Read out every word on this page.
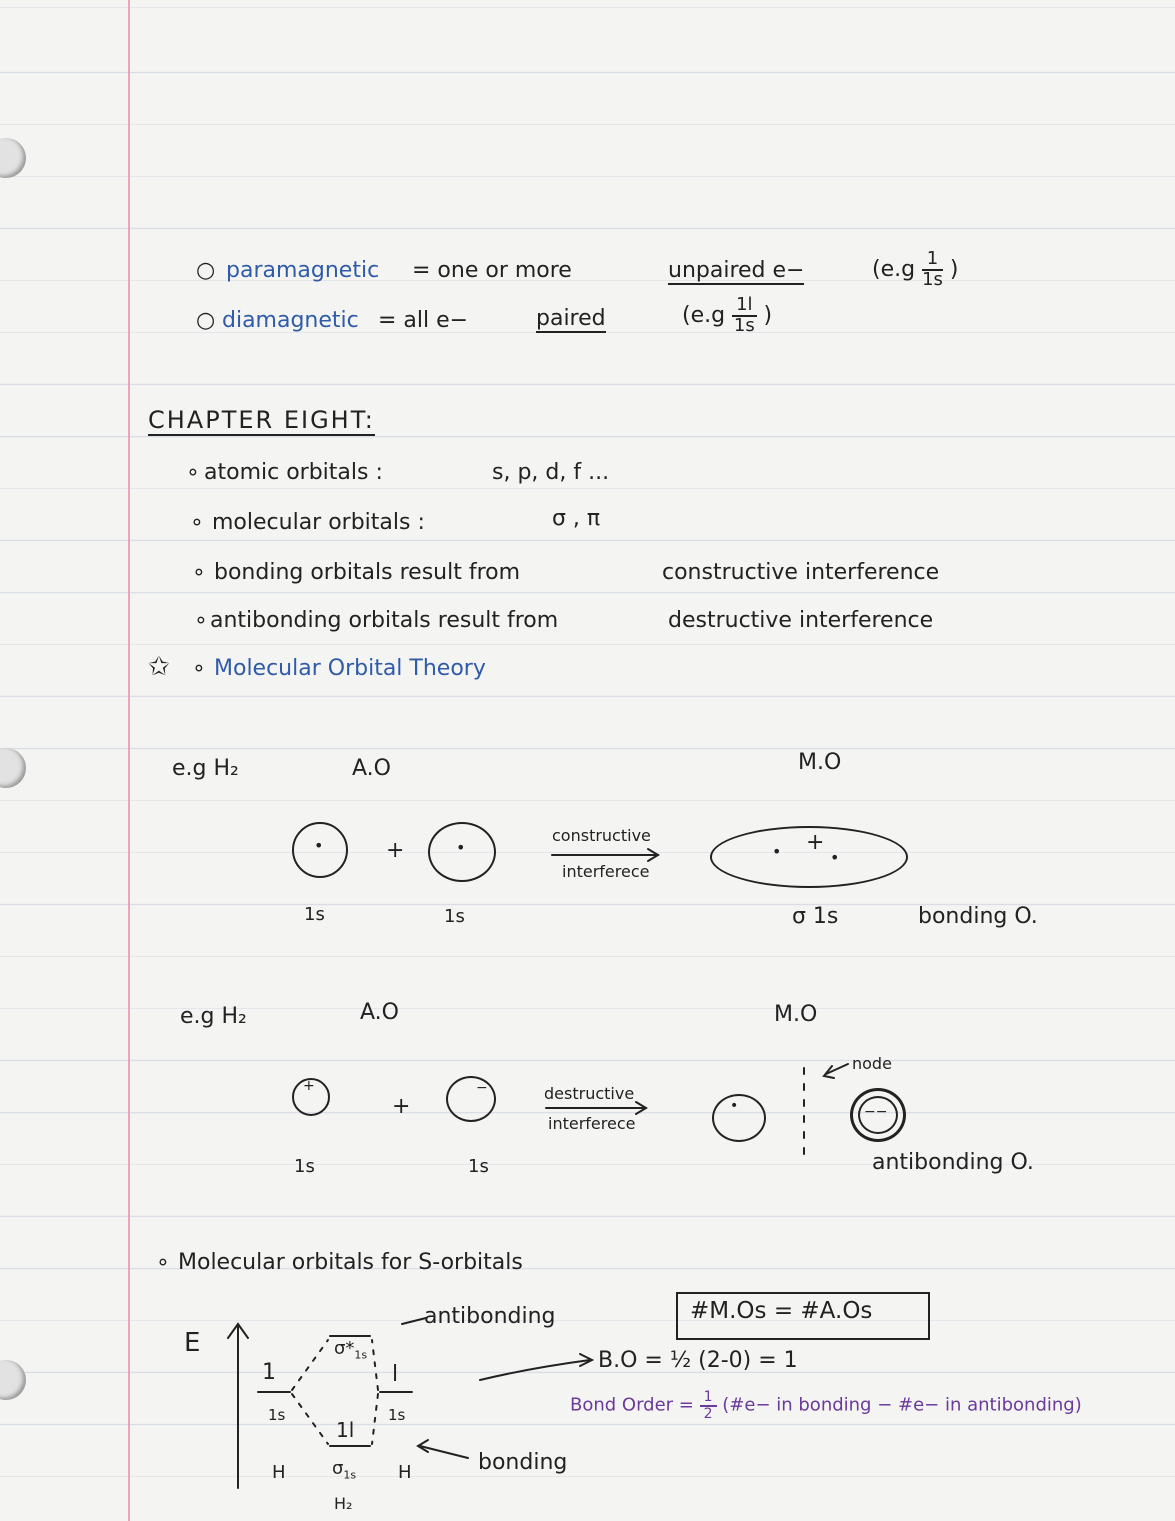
○ paramagnetic = one or more	unpaired e−	($e.g \frac{1}{1s}$ )
○ diamagnetic = all e−	paired	($e.g \frac{1l}{1s}$ )
CHAPTER EIGHT:
∘ atomic orbitals :	s, p, d, f ...
∘ molecular orbitals :	σ , π
∘ bonding orbitals result from	constructive interference
∘ antibonding orbitals result from	destructive interference
✩ ∘ Molecular Orbital Theory
e.g H₂	A.O	M.O
•	+	•
constructive
interferece
• +
•
1s	1s	σ 1s	bonding O.
e.g H₂	A.O	M.O
+
+
−	destructive
interferece
•	−−
node
1s	1s	antibonding O.
∘ Molecular orbitals for S-orbitals
E
antibonding
bonding
$\sigma*_{1s}$
1
1s
l
1s
1l
$\sigma_{1s}$
H	H
H₂
#M.Os = #A.Os
B.O = ½ (2-0) = 1
Bond Order = $\frac{1}{2}$ (#e− in bonding − #e− in antibonding)
